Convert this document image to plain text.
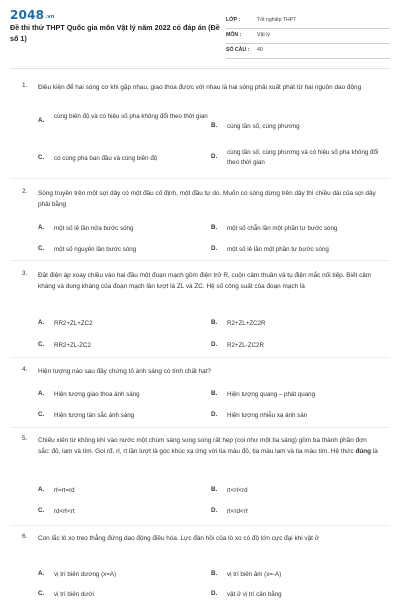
2048.vn
Đề thi thử THPT Quốc gia môn Vật lý năm 2022 có đáp án (Đề số 1)
LỚP :	Tốt nghiệp THPT
MÔN :	Vật lý
SỐ CÂU : 40
1. Điều kiện để hai sóng cơ khi gặp nhau, giao thoa được với nhau là hai sóng phải xuất phát từ hai nguồn dao động
A.
cùng biên độ và có hiệu số pha không đổi theo thời gian
B. cùng tần số, cùng phương
C. có cùng pha ban đầu và cùng biên độ	D.
cùng tần số, cùng phương và có hiệu số pha không đổi theo thời gian
2. Sóng truyền trên một sợi dây có một đầu cố định, một đầu tự do. Muốn có sóng dừng trên dây thì chiều dài của sợi dây phải bằng
A. một số lẻ lần nửa bước sóng	B. một số chẵn lần một phần tư bước sóng
C. một số nguyên lần bước sóng	D. một số lẻ lần một phần tư bước sóng
3. Đặt điện áp xoay chiều vào hai đầu một đoạn mạch gồm điện trở R, cuộn cảm thuần và tụ điện mắc nối tiếp. Biết cảm kháng và dung kháng của đoạn mạch lần lượt là ZL và ZC. Hệ số công suất của đoạn mạch là
A. RR2+ZL+ZC2	B. R2+ZL+ZC2R
C. RR2+ZL-ZC2	D. R2+ZL-ZC2R
4. Hiện tượng nào sau đây chứng tỏ ánh sáng có tính chất hạt?
A. Hiện tượng giao thoa ánh sáng	B. Hiện tượng quang – phát quang
C. Hiện tượng tán sắc ánh sáng	D. Hiện tượng nhiễu xạ ánh sán
5. Chiếu xiên từ không khí vào nước một chùm sáng song song rất hẹp (coi như một tia sáng) gồm ba thành phần đơn sắc: đỏ, lam và tím. Gọi rđ, rl, rt lần lượt là góc khúc xạ ứng với tia màu đỏ, tia màu lam và tia màu tím. Hệ thức đúng là
A. rℓ=rt=rd	B. rt<rℓ<rd
C. rd<rℓ<rt	D. rt<rd<rℓ
6. Con lắc lò xo treo thẳng đứng dao động điều hòa. Lực đàn hồi của lò xo có độ lớn cực đại khi vật ở
A. vị trí biên dương (x=A)	B. vị trí biên âm (x=-A)
C. vị trí biên dưới	D. vật ở vị trí cân bằng
